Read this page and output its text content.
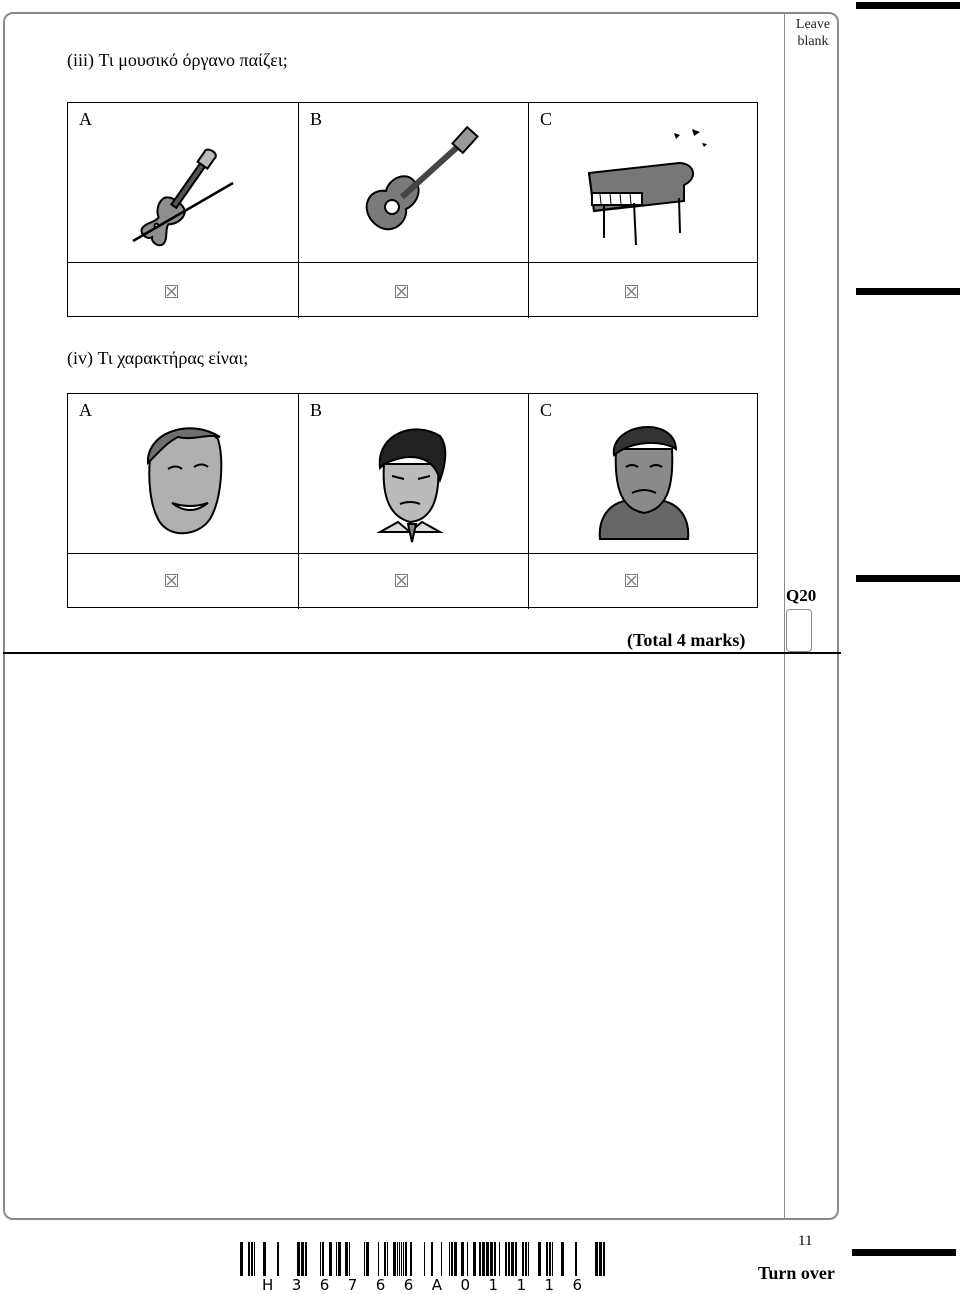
Leave blank
(iii) Τι μουσικό όργανο παίζει;
A	B	C
(iv) Τι χαρακτήρας είναι;
A	B	C
Q20
(Total 4 marks)
11
Turn over
H 3 6 7 6 6 A 0 1 1 1 6
